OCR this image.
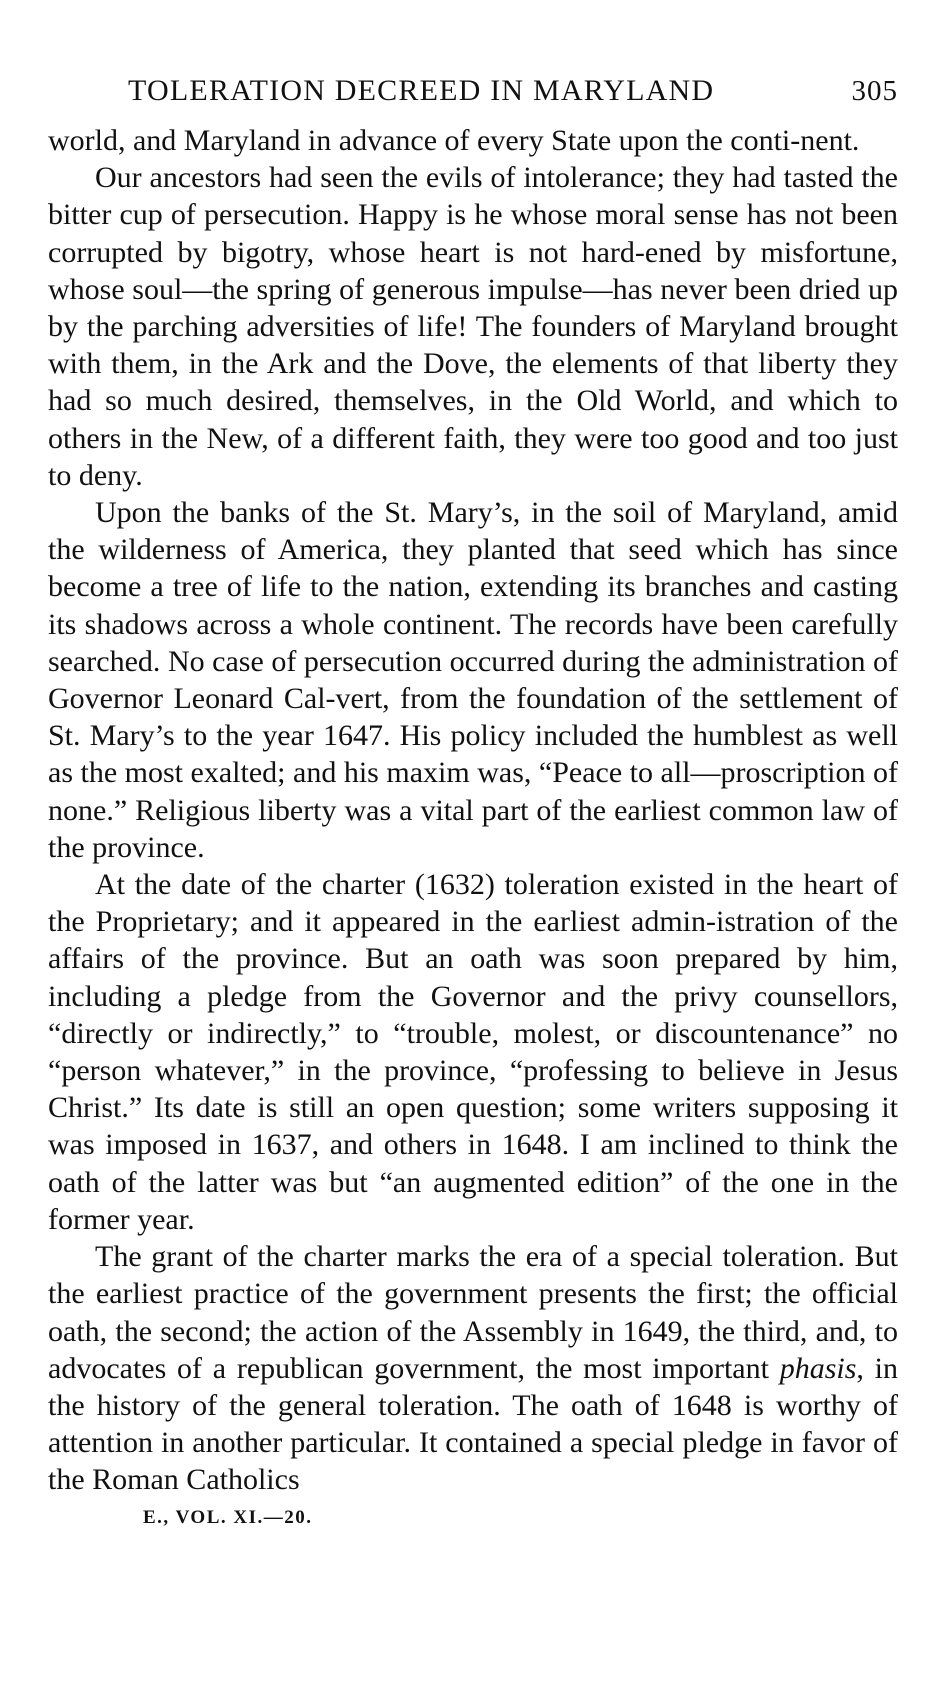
TOLERATION DECREED IN MARYLAND	305

world, and Maryland in advance of every State upon the conti-nent.

Our ancestors had seen the evils of intolerance; they had tasted the bitter cup of persecution. Happy is he whose moral sense has not been corrupted by bigotry, whose heart is not hard-ened by misfortune, whose soul—the spring of generous impulse—has never been dried up by the parching adversities of life! The founders of Maryland brought with them, in the Ark and the Dove, the elements of that liberty they had so much desired, themselves, in the Old World, and which to others in the New, of a different faith, they were too good and too just to deny.

Upon the banks of the St. Mary’s, in the soil of Maryland, amid the wilderness of America, they planted that seed which has since become a tree of life to the nation, extending its branches and casting its shadows across a whole continent. The records have been carefully searched. No case of persecution occurred during the administration of Governor Leonard Cal-vert, from the foundation of the settlement of St. Mary’s to the year 1647. His policy included the humblest as well as the most exalted; and his maxim was, “Peace to all—proscription of none.” Religious liberty was a vital part of the earliest common law of the province.

At the date of the charter (1632) toleration existed in the heart of the Proprietary; and it appeared in the earliest admin-istration of the affairs of the province. But an oath was soon prepared by him, including a pledge from the Governor and the privy counsellors, “directly or indirectly,” to “trouble, molest, or discountenance” no “person whatever,” in the province, “professing to believe in Jesus Christ.” Its date is still an open question; some writers supposing it was imposed in 1637, and others in 1648. I am inclined to think the oath of the latter was but “an augmented edition” of the one in the former year.

The grant of the charter marks the era of a special toleration. But the earliest practice of the government presents the first; the official oath, the second; the action of the Assembly in 1649, the third, and, to advocates of a republican government, the most important phasis, in the history of the general toleration. The oath of 1648 is worthy of attention in another particular. It contained a special pledge in favor of the Roman Catholics

E., VOL. XI.—20.
